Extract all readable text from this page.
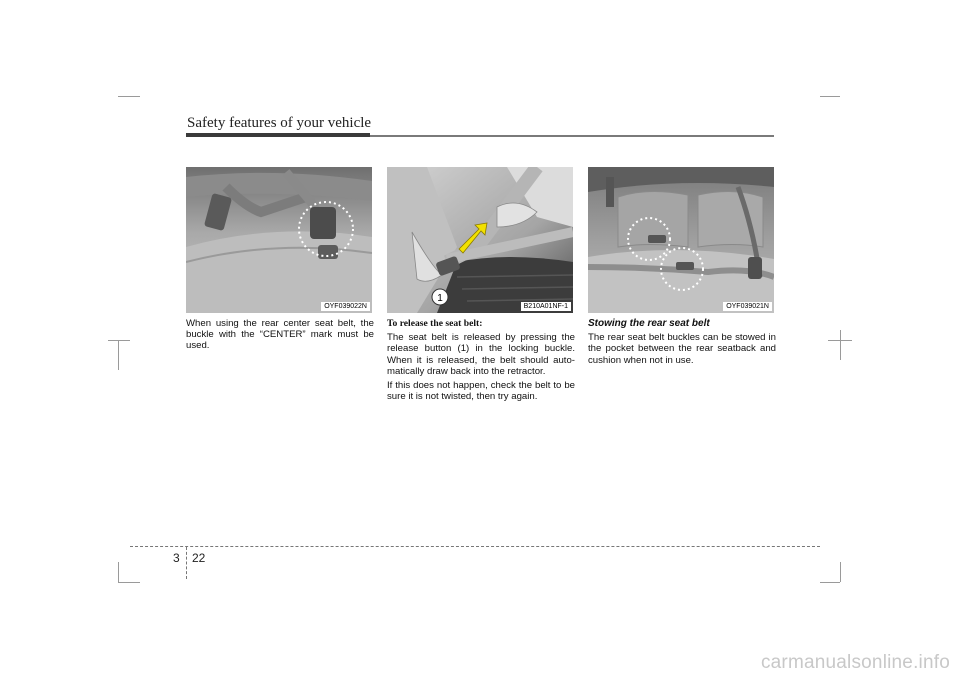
Safety features of your vehicle
OYF039022N
1
B210A01NF-1	OYF039021N

When using the rear center seat belt, the buckle with the “CENTER” mark must be used.

To release the seat belt:

The seat belt is released by pressing the release button (1) in the locking buckle. When it is released, the belt should auto-matically draw back into the retractor.

If this does not happen, check the belt to be sure it is not twisted, then try again.

Stowing the rear seat belt

The rear seat belt buckles can be stowed in the pocket between the rear seatback and cushion when not in use.

3 22
carmanualsonline.info
